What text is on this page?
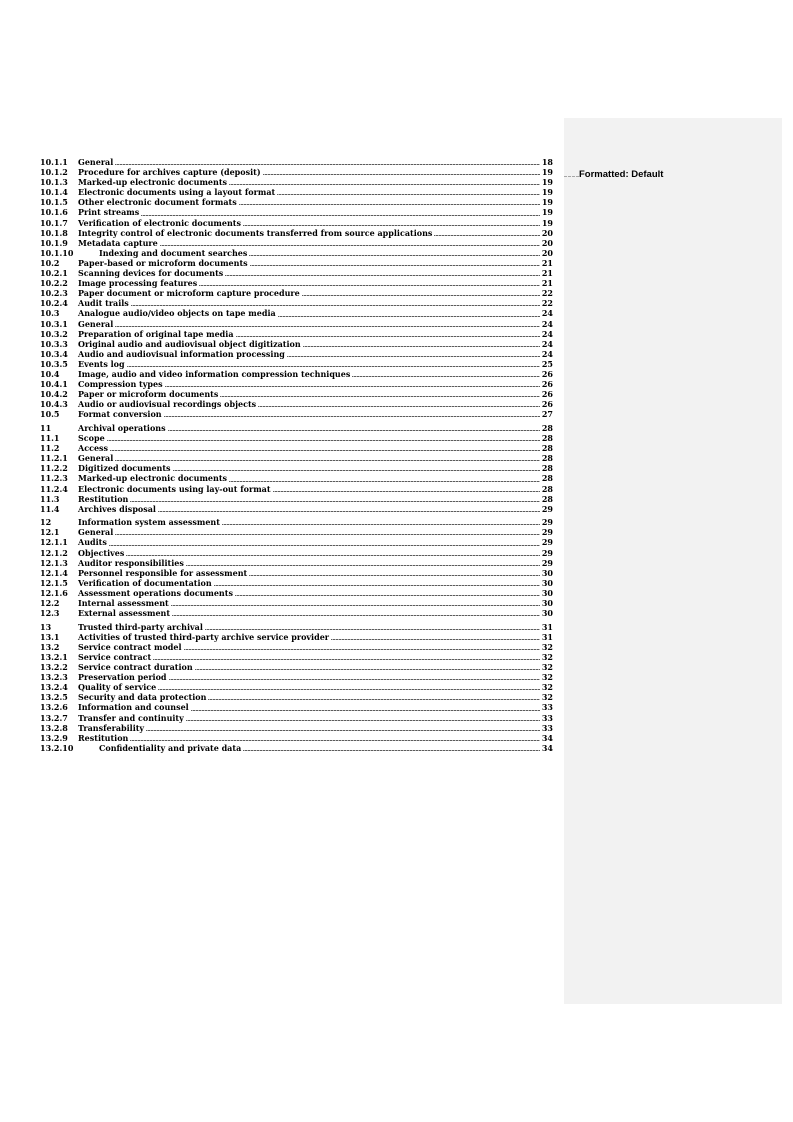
Formatted: Default
10.1.1	General	18
10.1.2	Procedure for archives capture (deposit)	19
10.1.3	Marked-up electronic documents	19
10.1.4	Electronic documents using a layout format	19
10.1.5	Other electronic document formats	19
10.1.6	Print streams	19
10.1.7	Verification of electronic documents	19
10.1.8	Integrity control of electronic documents transferred from source applications	20
10.1.9	Metadata capture	20
10.1.10	Indexing and document searches	20
10.2	Paper-based or microform documents	21
10.2.1	Scanning devices for documents	21
10.2.2	Image processing features	21
10.2.3	Paper document or microform capture procedure	22
10.2.4	Audit trails	22
10.3	Analogue audio/video objects on tape media	24
10.3.1	General	24
10.3.2	Preparation of original tape media	24
10.3.3	Original audio and audiovisual object digitization	24
10.3.4	Audio and audiovisual information processing	24
10.3.5	Events log	25
10.4	Image, audio and video information compression techniques	26
10.4.1	Compression types	26
10.4.2	Paper or microform documents	26
10.4.3	Audio or audiovisual recordings objects	26
10.5	Format conversion	27
11	Archival operations	28
11.1	Scope	28
11.2	Access	28
11.2.1	General	28
11.2.2	Digitized documents	28
11.2.3	Marked-up electronic documents	28
11.2.4	Electronic documents using lay-out format	28
11.3	Restitution	28
11.4	Archives disposal	29
12	Information system assessment	29
12.1	General	29
12.1.1	Audits	29
12.1.2	Objectives	29
12.1.3	Auditor responsibilities	29
12.1.4	Personnel responsible for assessment	30
12.1.5	Verification of documentation	30
12.1.6	Assessment operations documents	30
12.2	Internal assessment	30
12.3	External assessment	30
13	Trusted third-party archival	31
13.1	Activities of trusted third-party archive service provider	31
13.2	Service contract model	32
13.2.1	Service contract	32
13.2.2	Service contract duration	32
13.2.3	Preservation period	32
13.2.4	Quality of service	32
13.2.5	Security and data protection	32
13.2.6	Information and counsel	33
13.2.7	Transfer and continuity	33
13.2.8	Transferability	33
13.2.9	Restitution	34
13.2.10	Confidentiality and private data	34
